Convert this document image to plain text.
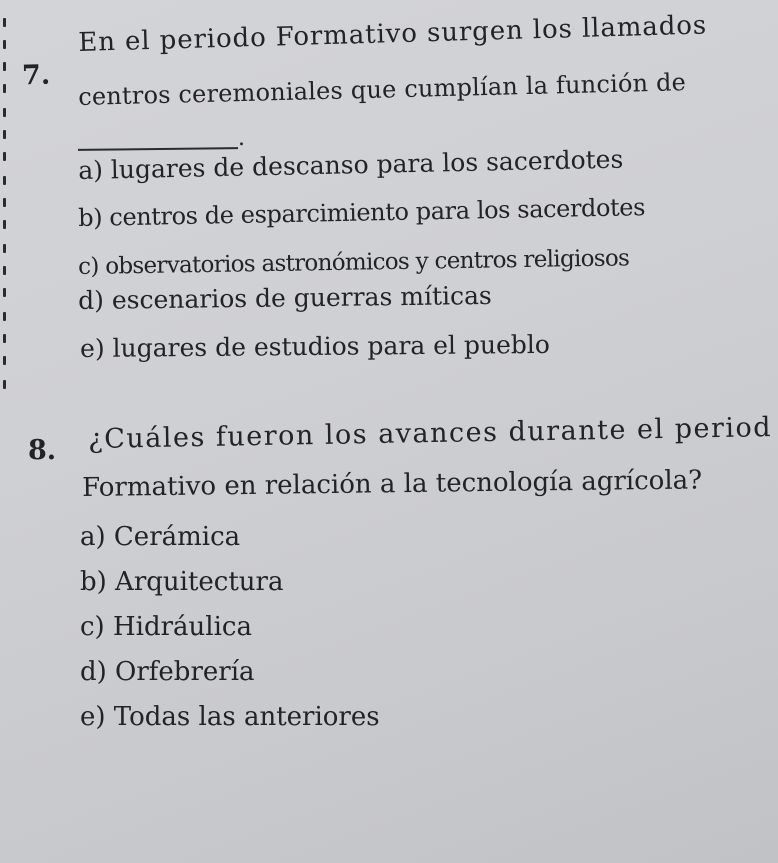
7.
En el periodo Formativo surgen los llamados
centros ceremoniales que cumplían la función de
.
a) lugares de descanso para los sacerdotes
b) centros de esparcimiento para los sacerdotes
c) observatorios astronómicos y centros religiosos
d) escenarios de guerras míticas
e) lugares de estudios para el pueblo
8. ¿Cuáles fueron los avances durante el period
Formativo en relación a la tecnología agrícola?
a) Cerámica
b) Arquitectura
c) Hidráulica
d) Orfebrería
e) Todas las anteriores
